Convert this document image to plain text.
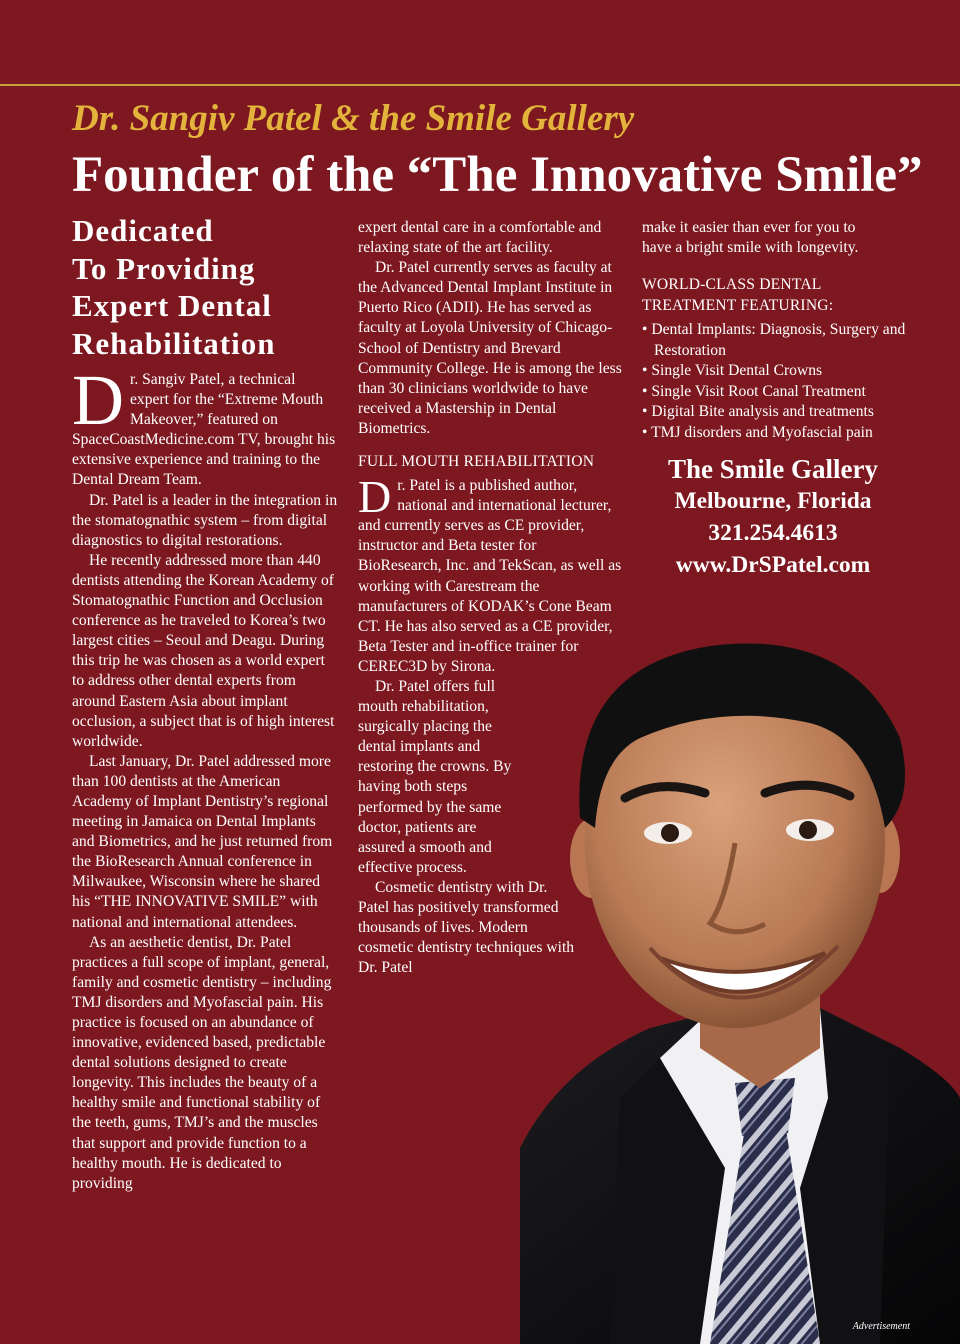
Dr. Sangiv Patel & the Smile Gallery
Founder of the “The Innovative Smile”
Dedicated
To Providing
Expert Dental
Rehabilitation

Dr. Sangiv Patel, a technical expert for the “Extreme Mouth Makeover,” featured on SpaceCoastMedicine.com TV, brought his extensive experience and training to the Dental Dream Team.

Dr. Patel is a leader in the integration in the stomatognathic system – from digital diagnostics to digital restorations.

He recently addressed more than 440 dentists attending the Korean Academy of Stomatognathic Function and Occlusion conference as he traveled to Korea’s two largest cities – Seoul and Deagu. During this trip he was chosen as a world expert to address other dental experts from around Eastern Asia about implant occlusion, a subject that is of high interest worldwide.

Last January, Dr. Patel addressed more than 100 dentists at the American Academy of Implant Dentistry’s regional meeting in Jamaica on Dental Implants and Biometrics, and he just returned from the BioResearch Annual conference in Milwaukee, Wisconsin where he shared his “THE INNOVATIVE SMILE” with national and international attendees.

As an aesthetic dentist, Dr. Patel practices a full scope of implant, general, family and cosmetic dentistry – including TMJ disorders and Myofascial pain. His practice is focused on an abundance of innovative, evidenced based, predictable dental solutions designed to create longevity. This includes the beauty of a healthy smile and functional stability of the teeth, gums, TMJ’s and the muscles that support and provide function to a healthy mouth. He is dedicated to providing

expert dental care in a comfortable and relaxing state of the art facility.

Dr. Patel currently serves as faculty at the Advanced Dental Implant Institute in Puerto Rico (ADII). He has served as faculty at Loyola University of Chicago- School of Dentistry and Brevard Community College. He is among the less than 30 clinicians worldwide to have received a Mastership in Dental Biometrics.

FULL MOUTH REHABILITATION

Dr. Patel is a published author, national and international lecturer, and currently serves as CE provider, instructor and Beta tester for BioResearch, Inc. and TekScan, as well as working with Carestream the manufacturers of KODAK’s Cone Beam CT. He has also served as a CE provider, Beta Tester and in-office trainer for CEREC3D by Sirona.

Dr. Patel offers full mouth rehabilitation, surgically placing the dental implants and restoring the crowns. By having both steps performed by the same doctor, patients are assured a smooth and effective process.

Cosmetic dentistry with Dr. Patel has positively transformed thousands of lives. Modern cosmetic dentistry techniques with Dr. Patel

make it easier than ever for you to have a bright smile with longevity.

WORLD-CLASS DENTAL TREATMENT FEATURING:
• Dental Implants: Diagnosis, Surgery and Restoration
• Single Visit Dental Crowns
• Single Visit Root Canal Treatment
• Digital Bite analysis and treatments
• TMJ disorders and Myofascial pain
The Smile Gallery
Melbourne, Florida
321.254.4613
www.DrSPatel.com
Advertisement
